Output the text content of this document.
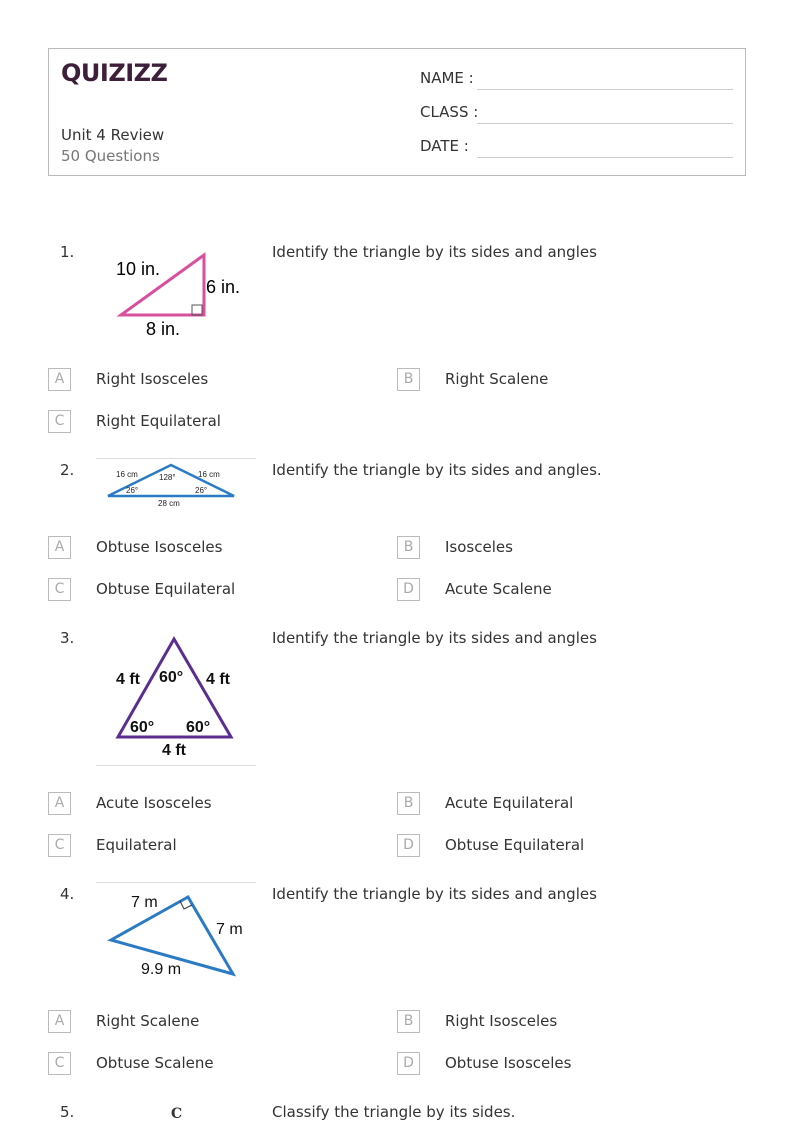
QUIZIZZ
Unit 4 Review
50 Questions
NAME :
CLASS :
DATE :
1.	Identify the triangle by its sides and angles
10 in.
6 in.
8 in.
A	Right Isosceles	B	Right Scalene
C	Right Equilateral
2.	Identify the triangle by its sides and angles.
16 cm	16 cm
128°
26°	26°
28 cm
A	Obtuse Isosceles	B	Isosceles
C	Obtuse Equilateral	D	Acute Scalene
3.	Identify the triangle by its sides and angles
4 ft 60° 4 ft
60° 60°
4 ft
A	Acute Isosceles	B	Acute Equilateral
C	Equilateral	D	Obtuse Equilateral
4.	Identify the triangle by its sides and angles
7 m
7 m
9.9 m
A	Right Scalene	B	Right Isosceles
C	Obtuse Scalene	D	Obtuse Isosceles
5.	C	Classify the triangle by its sides.
